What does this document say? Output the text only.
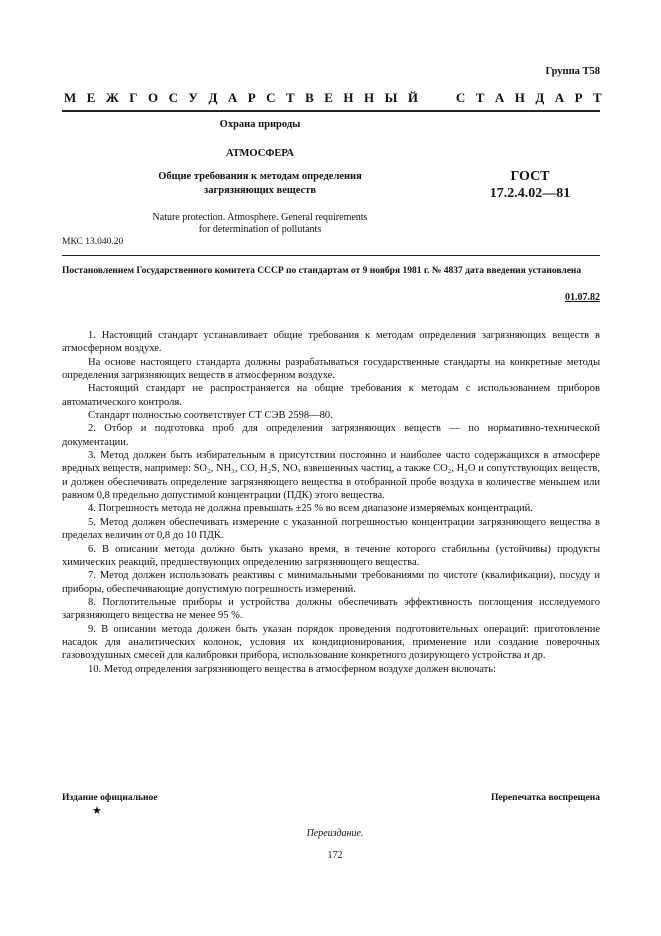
Группа Т58
М Е Ж Г О С У Д А Р С Т В Е Н Н Ы Й

	С Т А Н Д А Р Т
Охрана природы
АТМОСФЕРА
Общие требования к методам определения
загрязняющих веществ
ГОСТ
17.2.4.02—81
Nature protection. Atmosphere. General requirements
for determination of pollutants
МКС 13.040.20
Постановлением Государственного комитета СССР по стандартам от 9 ноября 1981 г. № 4837 дата введения установлена
01.07.82

1. Настоящий стандарт устанавливает общие требования к методам определения загрязняющих веществ в атмосферном воздухе.

На основе настоящего стандарта должны разрабатываться государственные стандарты на конкретные методы определения загрязняющих веществ в атмосферном воздухе.

Настоящий стандарт не распространяется на общие требования к методам с использованием приборов автоматического контроля.

Стандарт полностью соответствует СТ СЭВ 2598—80.

2. Отбор и подготовка проб для определения загрязняющих веществ — по нормативно-технической документации.

3. Метод должен быть избирательным в присутствии постоянно и наиболее часто содержащихся в атмосфере вредных веществ, например: SO₂, NH₃, CO, H₂S, NOₓ взвешенных частиц, а также CO₂, H₂O и сопутствующих веществ, и должен обеспечивать определение загрязняющего вещества в отобранной пробе воздуха в количестве меньшем или равном 0,8 предельно допустимой концентрации (ПДК) этого вещества.

4. Погрешность метода не должна превышать ±25 % во всем диапазоне измеряемых концентраций.

5. Метод должен обеспечивать измерение с указанной погрешностью концентрации загрязняющего вещества в пределах величин от 0,8 до 10 ПДК.

6. В описании метода должно быть указано время, в течение которого стабильны (устойчивы) продукты химических реакций, предшествующих определению загрязняющего вещества.

7. Метод должен использовать реактивы с минимальными требованиями по чистоте (квалификации), посуду и приборы, обеспечивающие допустимую погрешность измерений.

8. Поглотительные приборы и устройства должны обеспечивать эффективность поглощения исследуемого загрязняющего вещества не менее 95 %.

9. В описании метода должен быть указан порядок проведения подготовительных операций: приготовление насадок для аналитических колонок, условия их кондиционирования, применение или создание поверочных газовоздушных смесей для калибровки прибора, использование конкретного дозирующего устройства и др.

10. Метод определения загрязняющего вещества в атмосферном воздухе должен включать:

Издание официальное
★
Перепечатка воспрещена
Переиздание.
172
